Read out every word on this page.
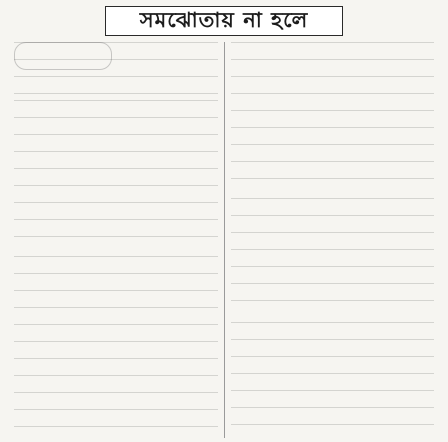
সমঝোতায় না হলে
